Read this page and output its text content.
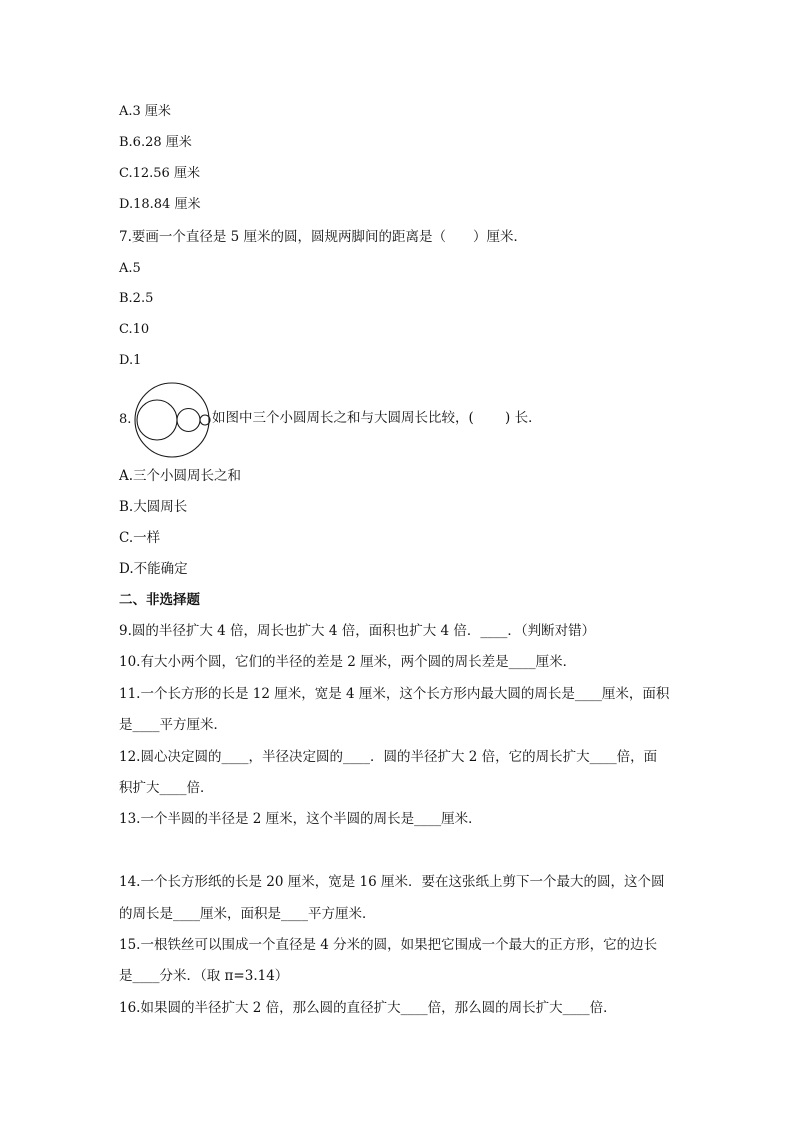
A.3 厘米
B.6.28 厘米
C.12.56 厘米
D.18.84 厘米
7.要画一个直径是 5 厘米的圆，圆规两脚间的距离是（　　）厘米．
A.5
B.2.5
C.10
D.1
8.	如图中三个小圆周长之和与大圆周长比较，(　　 ) 长．
A.三个小圆周长之和
B.大圆周长
C.一样
D.不能确定
二、非选择题
9.圆的半径扩大 4 倍，周长也扩大 4 倍，面积也扩大 4 倍．____．（判断对错）
10.有大小两个圆，它们的半径的差是 2 厘米，两个圆的周长差是____厘米．
11.一个长方形的长是 12 厘米，宽是 4 厘米，这个长方形内最大圆的周长是____厘米，面积
是____平方厘米．
12.圆心决定圆的____，半径决定圆的____．圆的半径扩大 2 倍，它的周长扩大____倍，面
积扩大____倍．
13.一个半圆的半径是 2 厘米，这个半圆的周长是____厘米．
14.一个长方形纸的长是 20 厘米，宽是 16 厘米．要在这张纸上剪下一个最大的圆，这个圆
的周长是____厘米，面积是____平方厘米．
15.一根铁丝可以围成一个直径是 4 分米的圆，如果把它围成一个最大的正方形，它的边长
是____分米．（取 π=3.14）
16.如果圆的半径扩大 2 倍，那么圆的直径扩大____倍，那么圆的周长扩大____倍．
